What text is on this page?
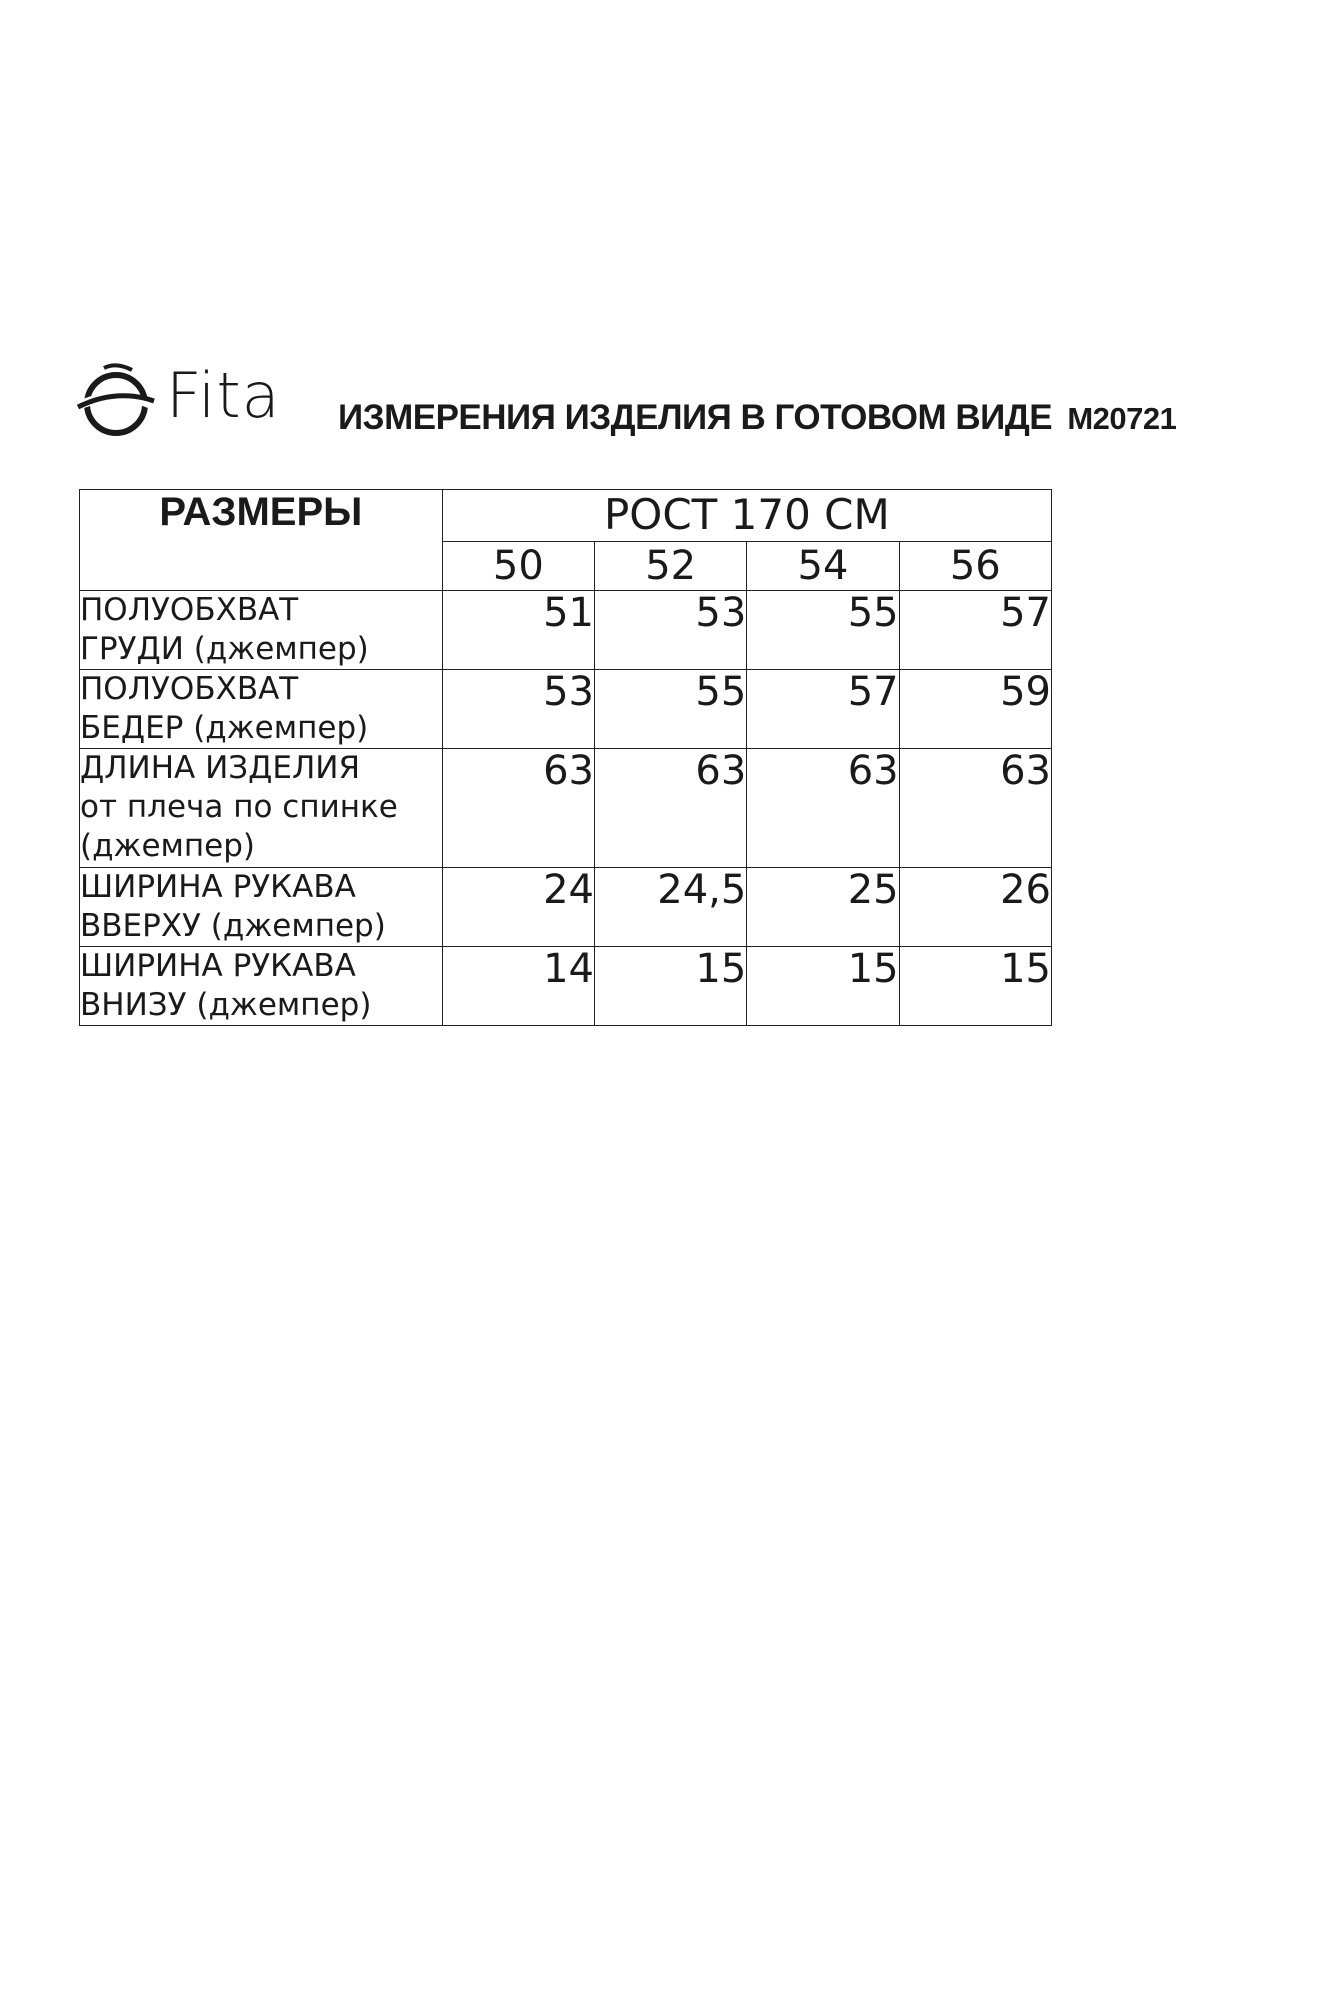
Fita ИЗМЕРЕНИЯ ИЗДЕЛИЯ В ГОТОВОМ ВИДЕ М20721
РАЗМЕРЫ	РОСТ 170 СМ			
	50	52	54	56

ПОЛУОБХВАТ
ГРУДИ (джемпер)	51	53	55	57

ПОЛУОБХВАТ
БЕДЕР (джемпер)	53	55	57	59

ДЛИНА ИЗДЕЛИЯ
от плеча по спинке
(джемпер)	63	63	63	63

ШИРИНА РУКАВА
ВВЕРХУ (джемпер)	24	24,5	25	26

ШИРИНА РУКАВА
ВНИЗУ (джемпер)	14	15	15	15
